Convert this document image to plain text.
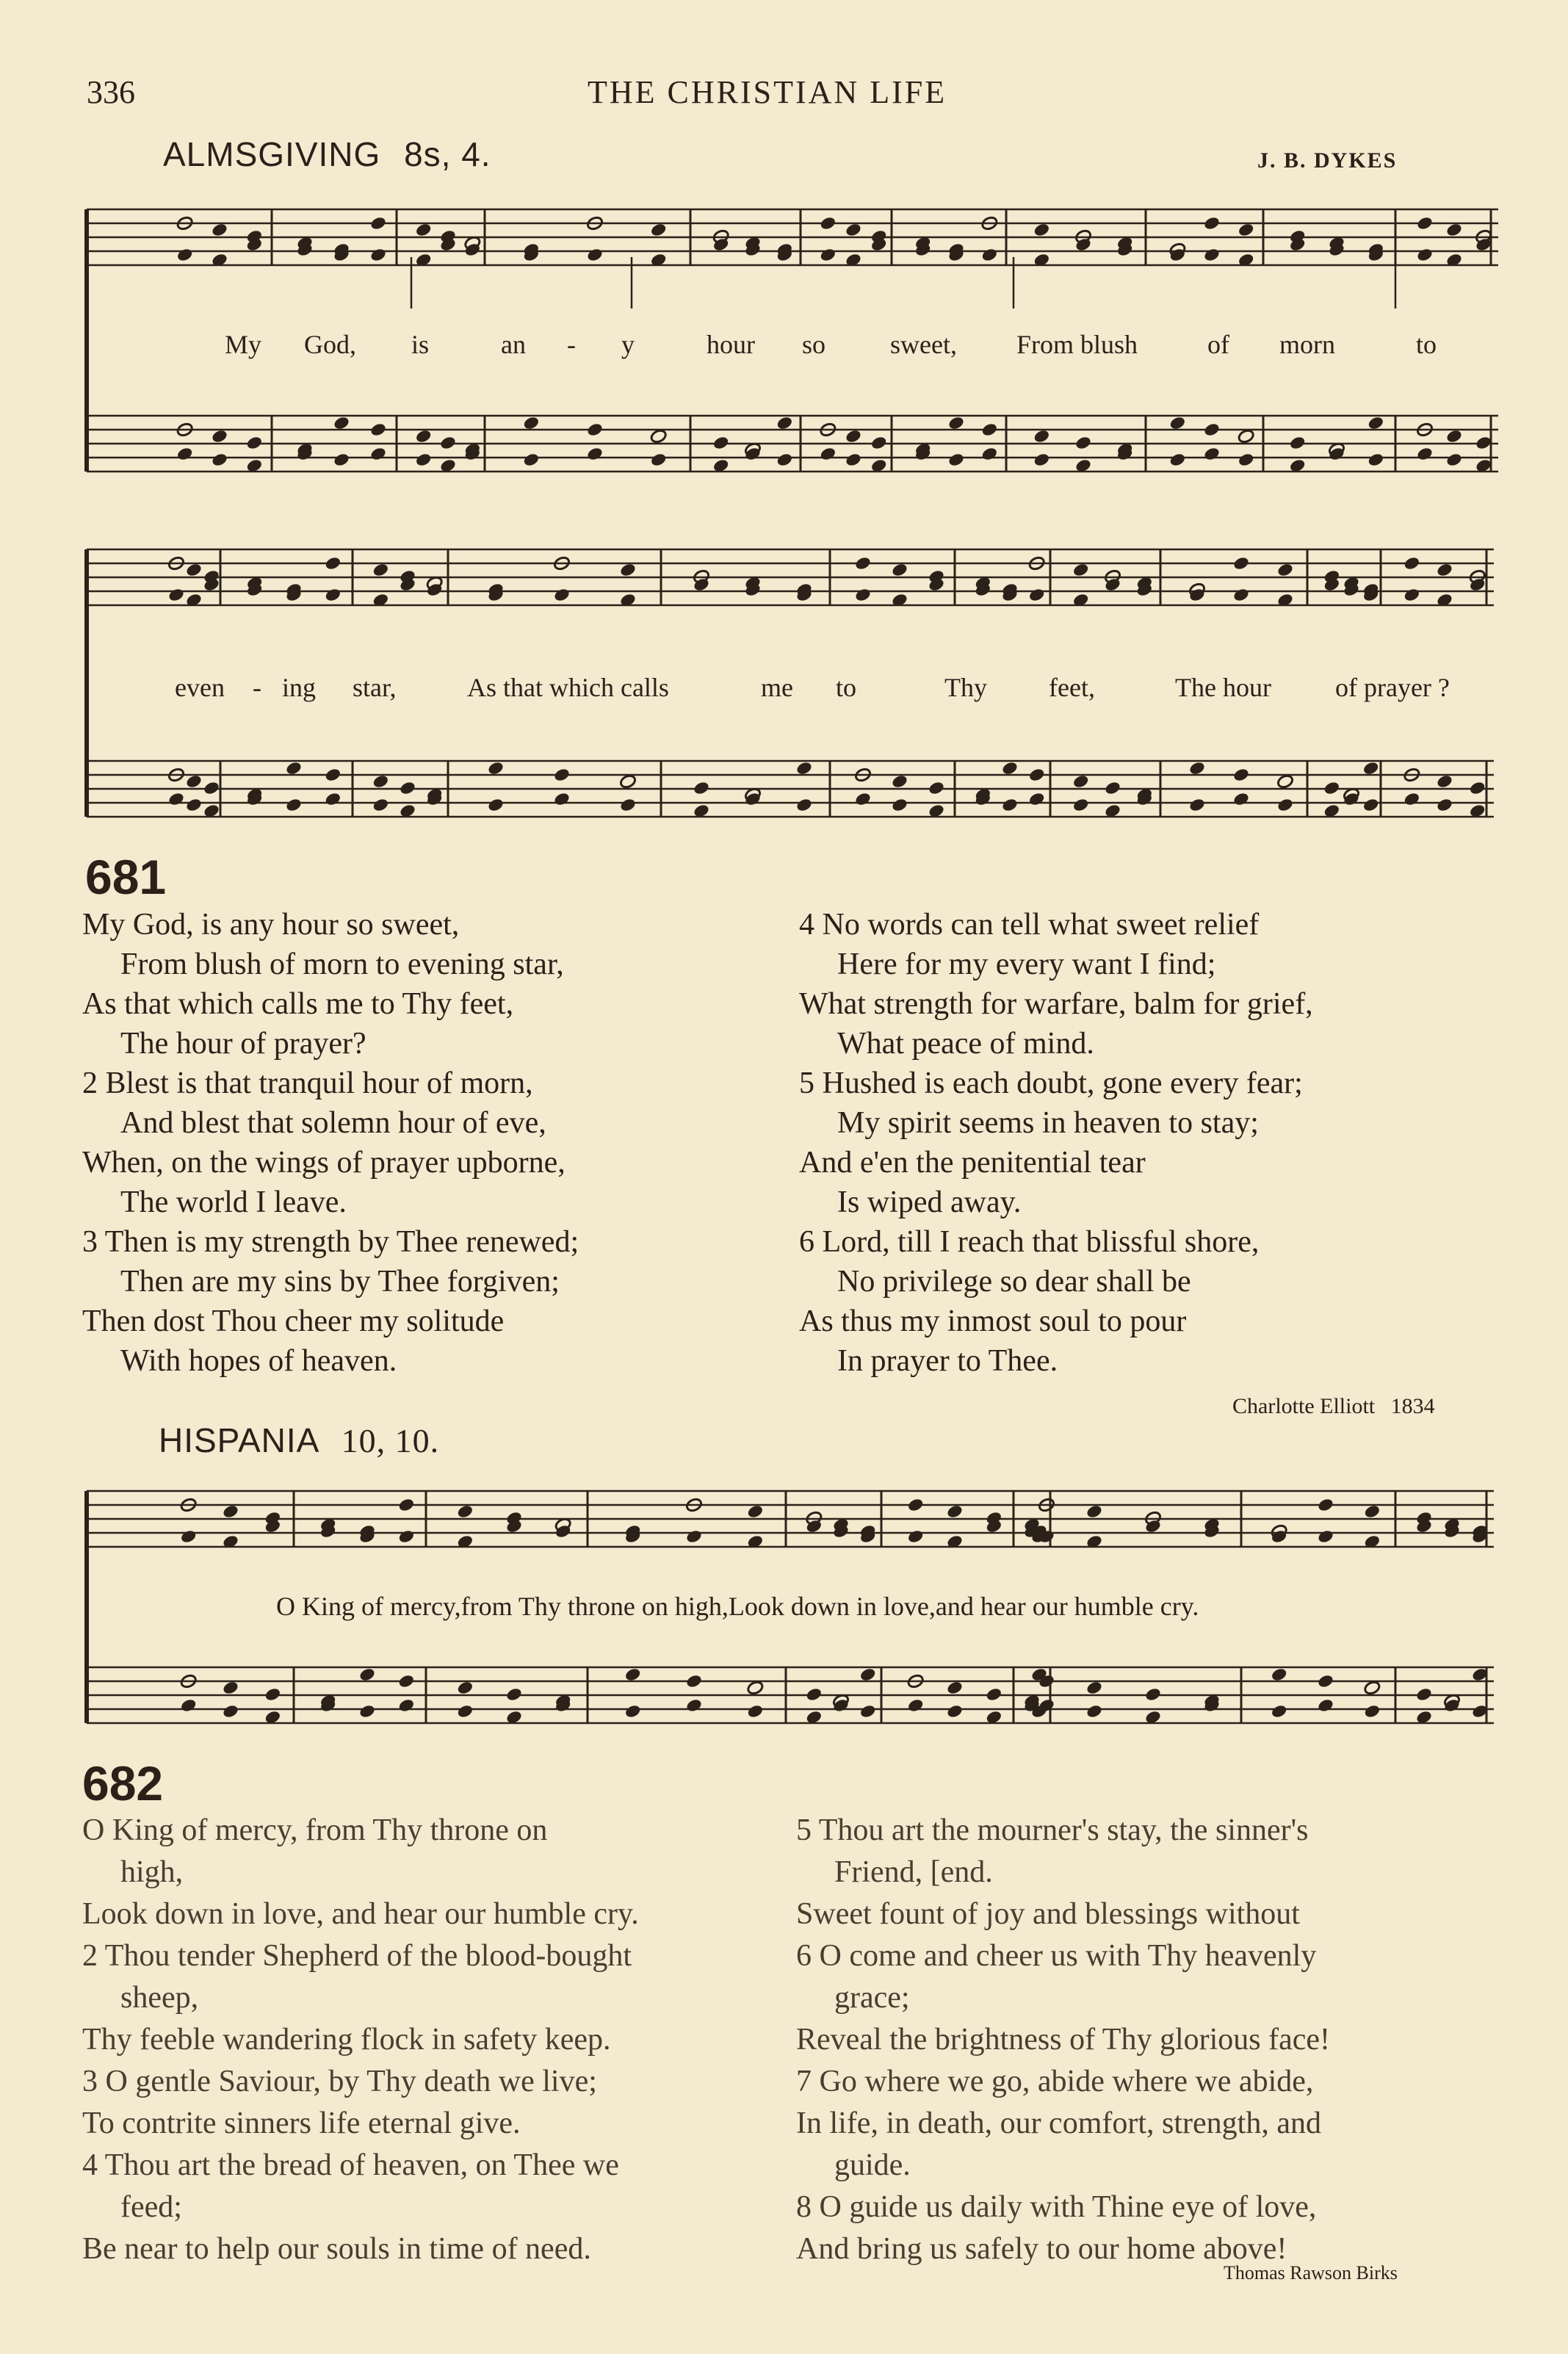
336	THE CHRISTIAN LIFE
ALMSGIVING 8s, 4.	J. B. DYKES
My God, is	an - y	hour so sweet, From blush	of morn	to
even - ing star,	As that which calls	me to	Thy feet,	The hour of prayer ?
681
My God, is any hour so sweet,
From blush of morn to evening star,
As that which calls me to Thy feet,
The hour of prayer?
2 Blest is that tranquil hour of morn,
And blest that solemn hour of eve,
When, on the wings of prayer upborne,
The world I leave.
3 Then is my strength by Thee renewed;
Then are my sins by Thee forgiven;
Then dost Thou cheer my solitude
With hopes of heaven.
4 No words can tell what sweet relief
Here for my every want I find;
What strength for warfare, balm for grief,
What peace of mind.
5 Hushed is each doubt, gone every fear;
My spirit seems in heaven to stay;
And e'en the penitential tear
Is wiped away.
6 Lord, till I reach that blissful shore,
No privilege so dear shall be
As thus my inmost soul to pour
In prayer to Thee.
Charlotte Elliott 1834
HISPANIA 10, 10.
O King of mercy,from Thy throne on high,Look down in love,and hear our humble cry.
682
O King of mercy, from Thy throne on
high,
Look down in love, and hear our humble cry.
2 Thou tender Shepherd of the blood-bought
sheep,
Thy feeble wandering flock in safety keep.
3 O gentle Saviour, by Thy death we live;
To contrite sinners life eternal give.
4 Thou art the bread of heaven, on Thee we
feed;
Be near to help our souls in time of need.
5 Thou art the mourner's stay, the sinner's
Friend, [end.
Sweet fount of joy and blessings without
6 O come and cheer us with Thy heavenly
grace;
Reveal the brightness of Thy glorious face!
7 Go where we go, abide where we abide,
In life, in death, our comfort, strength, and
guide.
8 O guide us daily with Thine eye of love,
And bring us safely to our home above!
Thomas Rawson Birks
